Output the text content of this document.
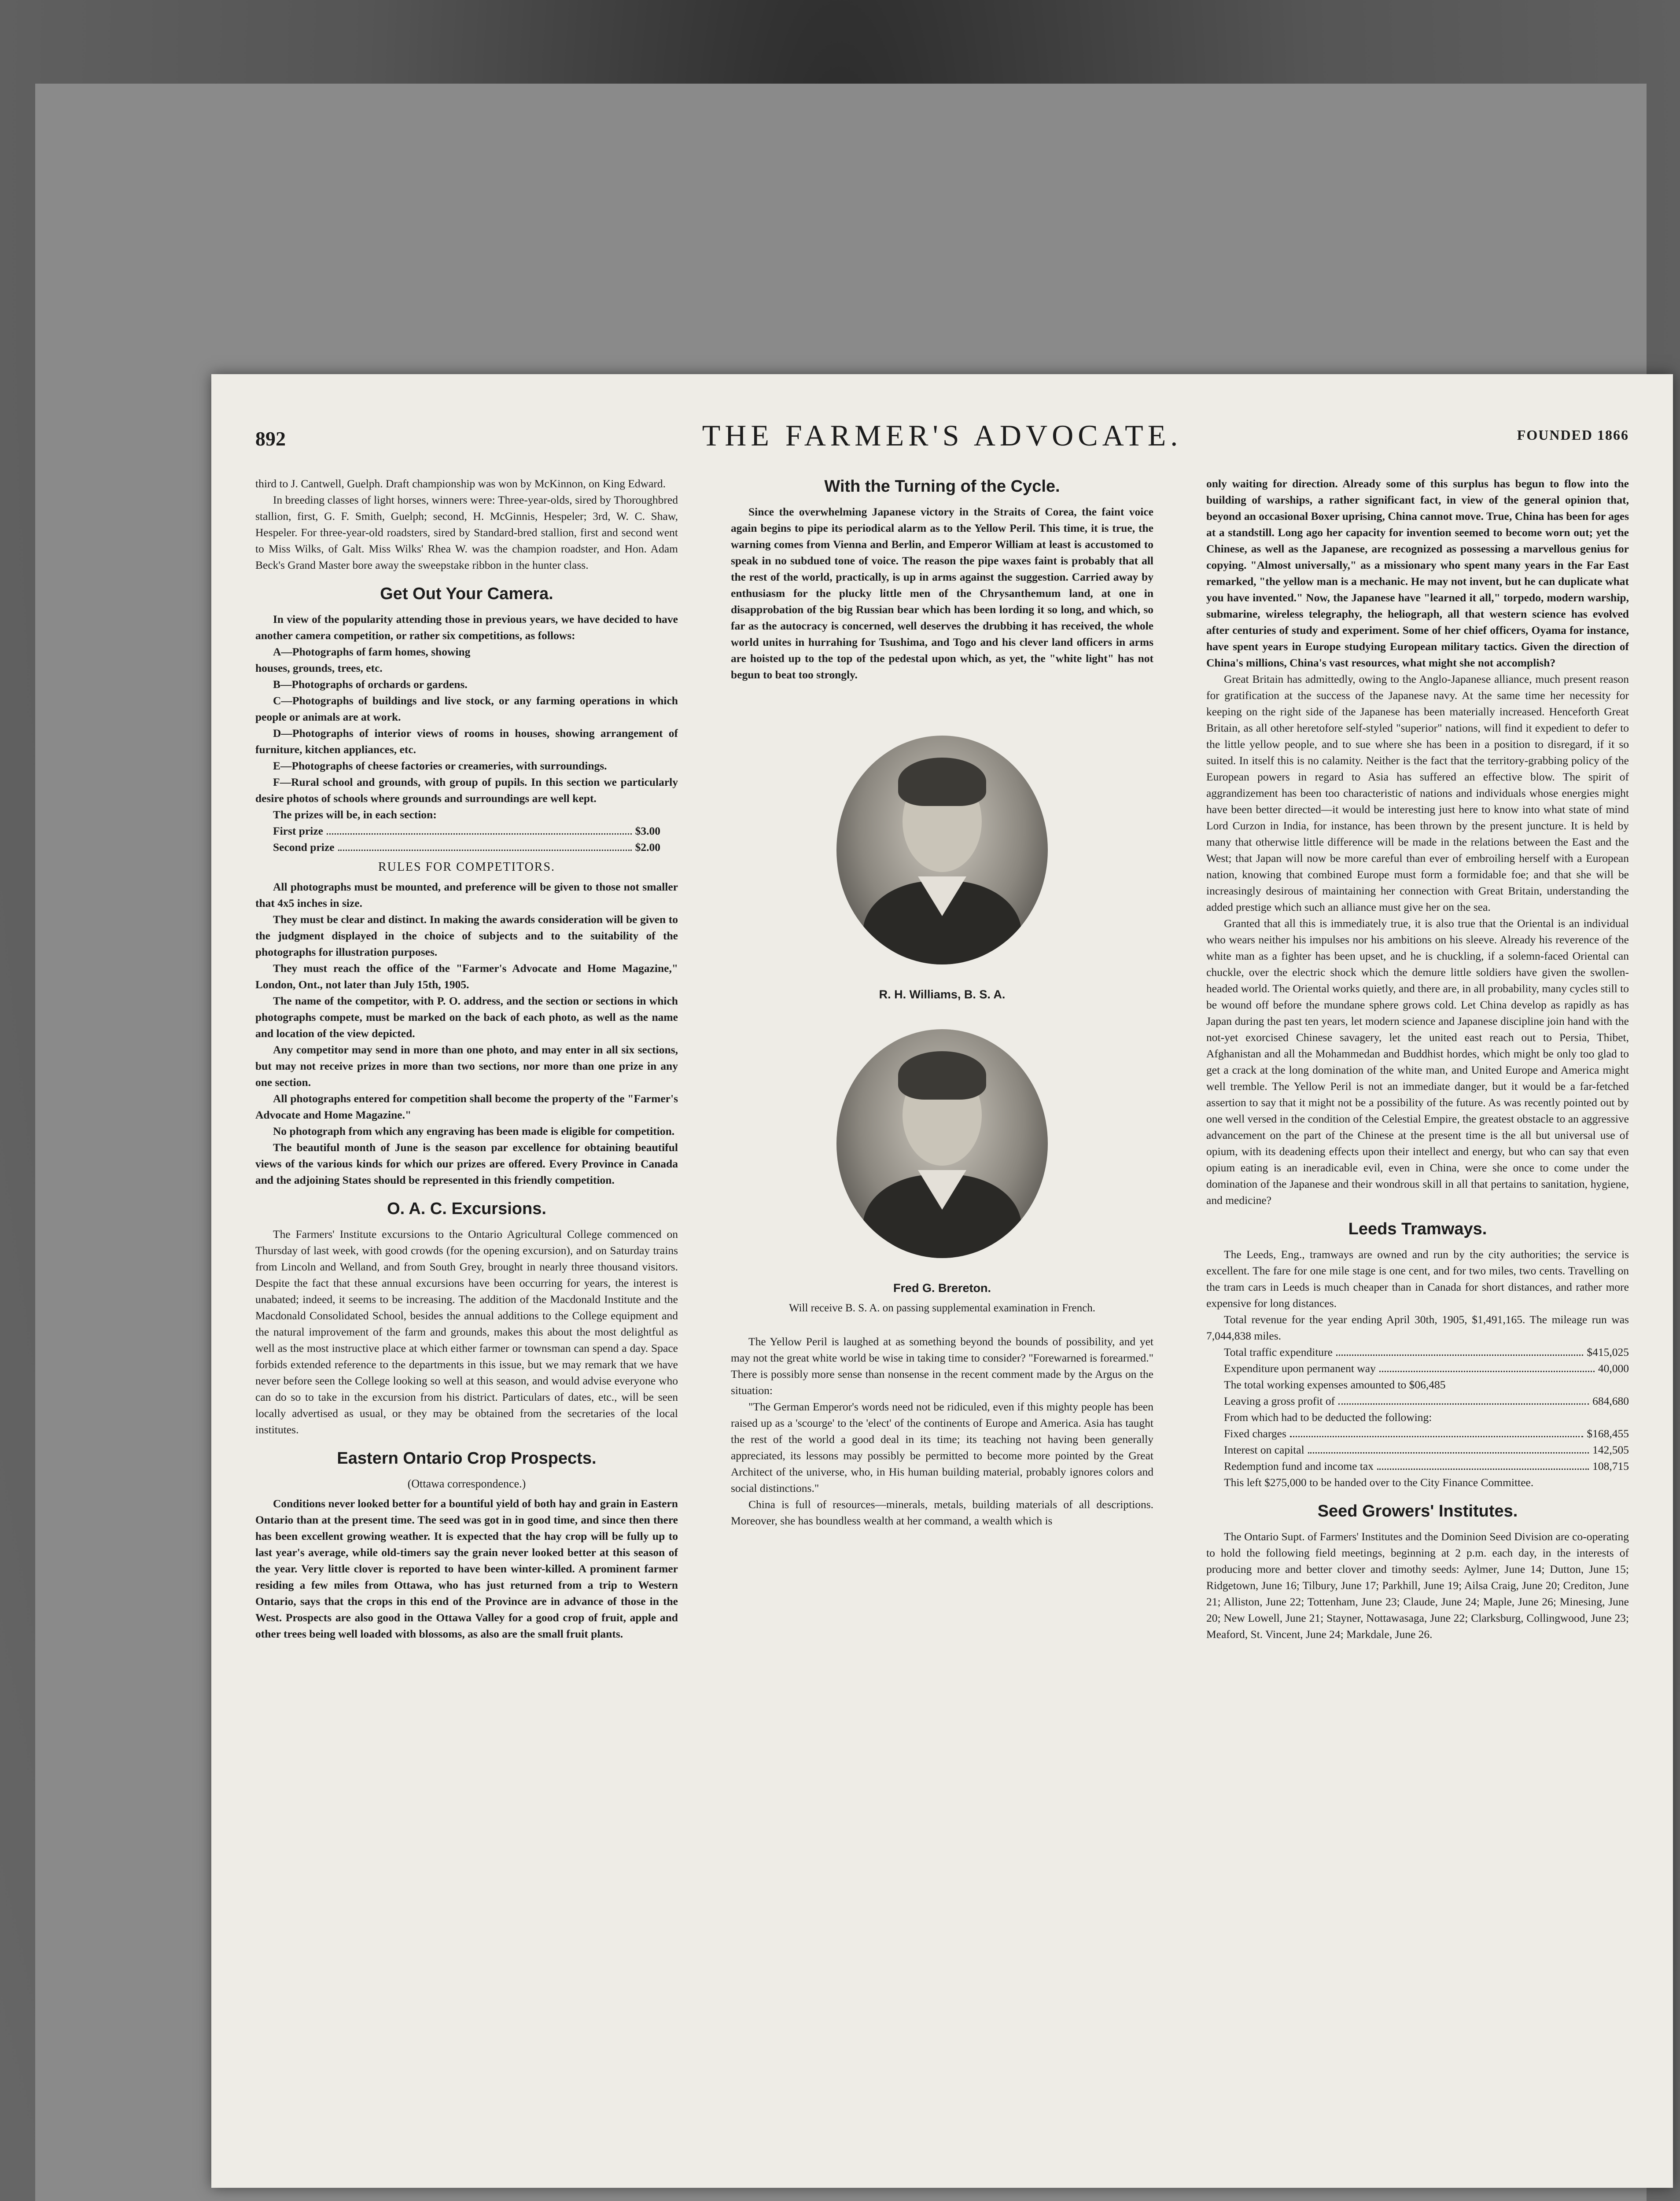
892	THE FARMER'S ADVOCATE.	FOUNDED 1866

third to J. Cantwell, Guelph. Draft championship was won by McKinnon, on King Edward.

In breeding classes of light horses, winners were: Three-year-olds, sired by Thoroughbred stallion, first, G. F. Smith, Guelph; second, H. McGinnis, Hespeler; 3rd, W. C. Shaw, Hespeler. For three-year-old roadsters, sired by Standard-bred stallion, first and second went to Miss Wilks, of Galt. Miss Wilks' Rhea W. was the champion roadster, and Hon. Adam Beck's Grand Master bore away the sweepstake ribbon in the hunter class.

Get Out Your Camera.

In view of the popularity attending those in previous years, we have decided to have another camera competition, or rather six competitions, as follows:

A—Photographs of farm homes, showing

houses, grounds, trees, etc.

B—Photographs of orchards or gardens.

C—Photographs of buildings and live stock, or any farming operations in which people or animals are at work.

D—Photographs of interior views of rooms in houses, showing arrangement of furniture, kitchen appliances, etc.

E—Photographs of cheese factories or creameries, with surroundings.

F—Rural school and grounds, with group of pupils. In this section we particularly desire photos of schools where grounds and surroundings are well kept.

The prizes will be, in each section:

First prize	$3.00
Second prize	$2.00
RULES FOR COMPETITORS.

All photographs must be mounted, and preference will be given to those not smaller that 4x5 inches in size.

They must be clear and distinct. In making the awards consideration will be given to the judgment displayed in the choice of subjects and to the suitability of the photographs for illustration purposes.

They must reach the office of the "Farmer's Advocate and Home Magazine," London, Ont., not later than July 15th, 1905.

The name of the competitor, with P. O. address, and the section or sections in which photographs compete, must be marked on the back of each photo, as well as the name and location of the view depicted.

Any competitor may send in more than one photo, and may enter in all six sections, but may not receive prizes in more than two sections, nor more than one prize in any one section.

All photographs entered for competition shall become the property of the "Farmer's Advocate and Home Magazine."

No photograph from which any engraving has been made is eligible for competition.

The beautiful month of June is the season par excellence for obtaining beautiful views of the various kinds for which our prizes are offered. Every Province in Canada and the adjoining States should be represented in this friendly competition.

O. A. C. Excursions.

The Farmers' Institute excursions to the Ontario Agricultural College commenced on Thursday of last week, with good crowds (for the opening excursion), and on Saturday trains from Lincoln and Welland, and from South Grey, brought in nearly three thousand visitors. Despite the fact that these annual excursions have been occurring for years, the interest is unabated; indeed, it seems to be increasing. The addition of the Macdonald Institute and the Macdonald Consolidated School, besides the annual additions to the College equipment and the natural improvement of the farm and grounds, makes this about the most delightful as well as the most instructive place at which either farmer or townsman can spend a day. Space forbids extended reference to the departments in this issue, but we may remark that we have never before seen the College looking so well at this season, and would advise everyone who can do so to take in the excursion from his district. Particulars of dates, etc., will be seen locally advertised as usual, or they may be obtained from the secretaries of the local institutes.

Eastern Ontario Crop Prospects.
(Ottawa correspondence.)

Conditions never looked better for a bountiful yield of both hay and grain in Eastern Ontario than at the present time. The seed was got in in good time, and since then there has been excellent growing weather. It is expected that the hay crop will be fully up to last year's average, while old-timers say the grain never looked better at this season of the year. Very little clover is reported to have been winter-killed. A prominent farmer residing a few miles from Ottawa, who has just returned from a trip to Western Ontario, says that the crops in this end of the Province are in advance of those in the West. Prospects are also good in the Ottawa Valley for a good crop of fruit, apple and other trees being well loaded with blossoms, as also are the small fruit plants.

With the Turning of the Cycle.

Since the overwhelming Japanese victory in the Straits of Corea, the faint voice again begins to pipe its periodical alarm as to the Yellow Peril. This time, it is true, the warning comes from Vienna and Berlin, and Emperor William at least is accustomed to speak in no subdued tone of voice. The reason the pipe waxes faint is probably that all the rest of the world, practically, is up in arms against the suggestion. Carried away by enthusiasm for the plucky little men of the Chrysanthemum land, at one in disapprobation of the big Russian bear which has been lording it so long, and which, so far as the autocracy is concerned, well deserves the drubbing it has received, the whole world unites in hurrahing for Tsushima, and Togo and his clever land officers in arms are hoisted up to the top of the pedestal upon which, as yet, the "white light" has not begun to beat too strongly.

R. H. Williams, B. S. A.
Fred G. Brereton.
Will receive B. S. A. on passing supplemental examination in French.

The Yellow Peril is laughed at as something beyond the bounds of possibility, and yet may not the great white world be wise in taking time to consider? "Forewarned is forearmed." There is possibly more sense than nonsense in the recent comment made by the Argus on the situation:

"The German Emperor's words need not be ridiculed, even if this mighty people has been raised up as a 'scourge' to the 'elect' of the continents of Europe and America. Asia has taught the rest of the world a good deal in its time; its teaching not having been generally appreciated, its lessons may possibly be permitted to become more pointed by the Great Architect of the universe, who, in His human building material, probably ignores colors and social distinctions."

China is full of resources—minerals, metals, building materials of all descriptions. Moreover, she has boundless wealth at her command, a wealth which is

only waiting for direction. Already some of this surplus has begun to flow into the building of warships, a rather significant fact, in view of the general opinion that, beyond an occasional Boxer uprising, China cannot move. True, China has been for ages at a standstill. Long ago her capacity for invention seemed to become worn out; yet the Chinese, as well as the Japanese, are recognized as possessing a marvellous genius for copying. "Almost universally," as a missionary who spent many years in the Far East remarked, "the yellow man is a mechanic. He may not invent, but he can duplicate what you have invented." Now, the Japanese have "learned it all," torpedo, modern warship, submarine, wireless telegraphy, the heliograph, all that western science has evolved after centuries of study and experiment. Some of her chief officers, Oyama for instance, have spent years in Europe studying European military tactics. Given the direction of China's millions, China's vast resources, what might she not accomplish?

Great Britain has admittedly, owing to the Anglo-Japanese alliance, much present reason for gratification at the success of the Japanese navy. At the same time her necessity for keeping on the right side of the Japanese has been materially increased. Henceforth Great Britain, as all other heretofore self-styled "superior" nations, will find it expedient to defer to the little yellow people, and to sue where she has been in a position to disregard, if it so suited. In itself this is no calamity. Neither is the fact that the territory-grabbing policy of the European powers in regard to Asia has suffered an effective blow. The spirit of aggrandizement has been too characteristic of nations and individuals whose energies might have been better directed—it would be interesting just here to know into what state of mind Lord Curzon in India, for instance, has been thrown by the present juncture. It is held by many that otherwise little difference will be made in the relations between the East and the West; that Japan will now be more careful than ever of embroiling herself with a European nation, knowing that combined Europe must form a formidable foe; and that she will be increasingly desirous of maintaining her connection with Great Britain, understanding the added prestige which such an alliance must give her on the sea.

Granted that all this is immediately true, it is also true that the Oriental is an individual who wears neither his impulses nor his ambitions on his sleeve. Already his reverence of the white man as a fighter has been upset, and he is chuckling, if a solemn-faced Oriental can chuckle, over the electric shock which the demure little soldiers have given the swollen-headed world. The Oriental works quietly, and there are, in all probability, many cycles still to be wound off before the mundane sphere grows cold. Let China develop as rapidly as has Japan during the past ten years, let modern science and Japanese discipline join hand with the not-yet exorcised Chinese savagery, let the united east reach out to Persia, Thibet, Afghanistan and all the Mohammedan and Buddhist hordes, which might be only too glad to get a crack at the long domination of the white man, and United Europe and America might well tremble. The Yellow Peril is not an immediate danger, but it would be a far-fetched assertion to say that it might not be a possibility of the future. As was recently pointed out by one well versed in the condition of the Celestial Empire, the greatest obstacle to an aggressive advancement on the part of the Chinese at the present time is the all but universal use of opium, with its deadening effects upon their intellect and energy, but who can say that even opium eating is an ineradicable evil, even in China, were she once to come under the domination of the Japanese and their wondrous skill in all that pertains to sanitation, hygiene, and medicine?

Leeds Tramways.

The Leeds, Eng., tramways are owned and run by the city authorities; the service is excellent. The fare for one mile stage is one cent, and for two miles, two cents. Travelling on the tram cars in Leeds is much cheaper than in Canada for short distances, and rather more expensive for long distances.

Total revenue for the year ending April 30th, 1905, $1,491,165. The mileage run was 7,044,838 miles.

Total traffic expenditure	$415,025
Expenditure upon permanent way	40,000

The total working expenses amounted to $06,485

Leaving a gross profit of	684,680

From which had to be deducted the following:

Fixed charges	$168,455
Interest on capital	142,505
Redemption fund and income tax	108,715

This left $275,000 to be handed over to the City Finance Committee.

Seed Growers' Institutes.

The Ontario Supt. of Farmers' Institutes and the Dominion Seed Division are co-operating to hold the following field meetings, beginning at 2 p.m. each day, in the interests of producing more and better clover and timothy seeds: Aylmer, June 14; Dutton, June 15; Ridgetown, June 16; Tilbury, June 17; Parkhill, June 19; Ailsa Craig, June 20; Crediton, June 21; Alliston, June 22; Tottenham, June 23; Claude, June 24; Maple, June 26; Minesing, June 20; New Lowell, June 21; Stayner, Nottawasaga, June 22; Clarksburg, Collingwood, June 23; Meaford, St. Vincent, June 24; Markdale, June 26.
